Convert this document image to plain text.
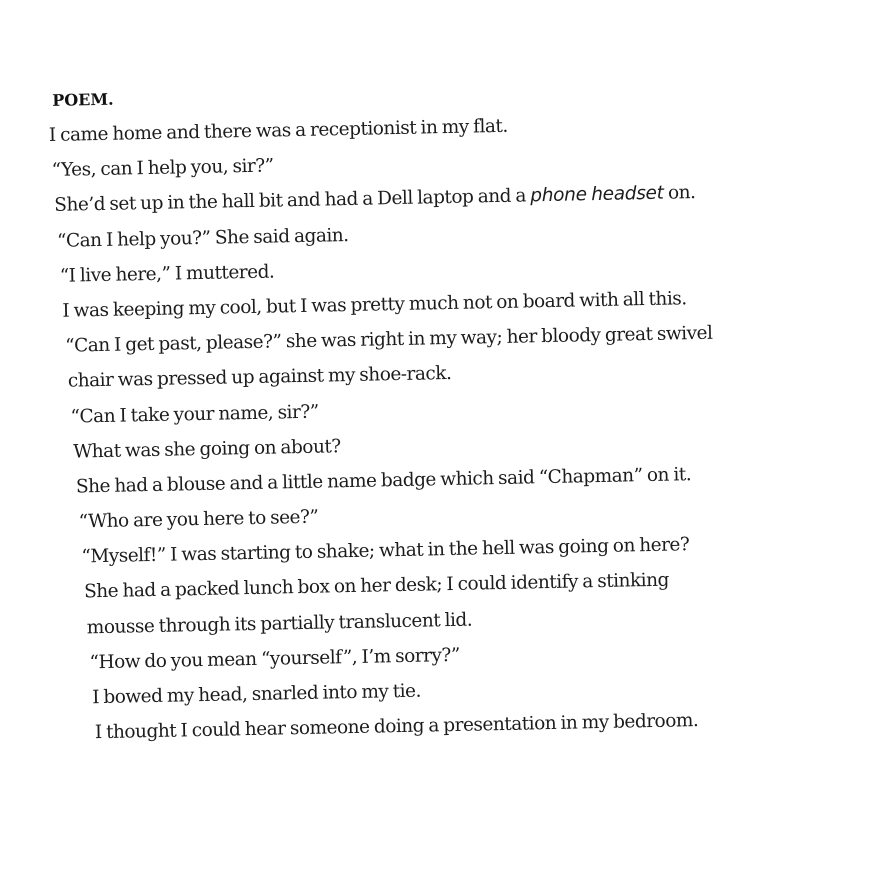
POEM.
I came home and there was a receptionist in my flat.
“Yes, can I help you, sir?”
She’d set up in the hall bit and had a Dell laptop and a phone headset on.
“Can I help you?” She said again.
“I live here,” I muttered.
I was keeping my cool, but I was pretty much not on board with all this.
“Can I get past, please?” she was right in my way; her bloody great swivel
chair was pressed up against my shoe-rack.
“Can I take your name, sir?”
What was she going on about?
She had a blouse and a little name badge which said “Chapman” on it.
“Who are you here to see?”
“Myself!” I was starting to shake; what in the hell was going on here?
She had a packed lunch box on her desk; I could identify a stinking
mousse through its partially translucent lid.
“How do you mean “yourself”, I’m sorry?”
I bowed my head, snarled into my tie.
I thought I could hear someone doing a presentation in my bedroom.
